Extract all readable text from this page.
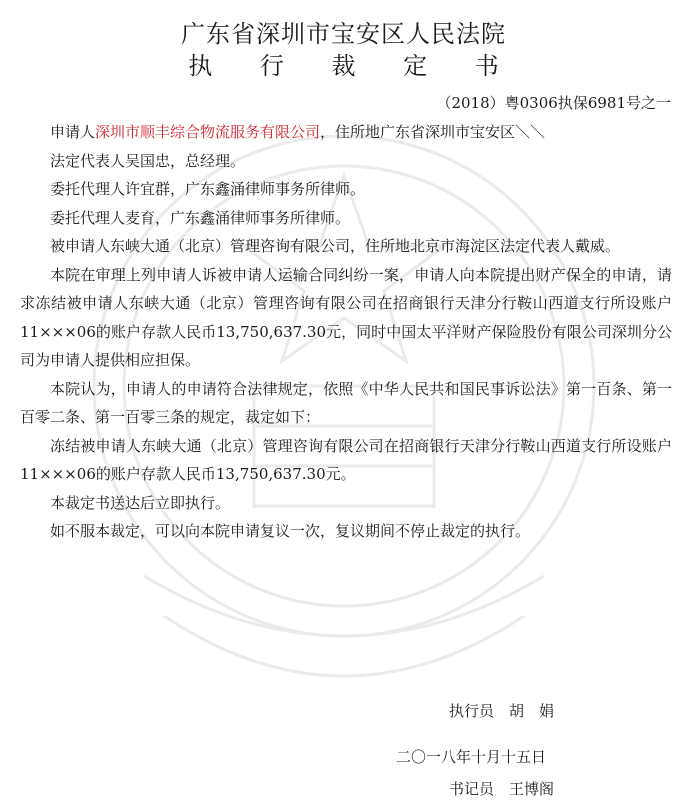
广东省深圳市宝安区人民法院
执 行 裁 定 书
（2018）粤0306执保6981号之一

申请人深圳市顺丰综合物流服务有限公司，住所地广东省深圳市宝安区＼＼

法定代表人吴国忠，总经理。

委托代理人许宜群，广东鑫涌律师事务所律师。

委托代理人麦育，广东鑫涌律师事务所律师。

被申请人东峡大通（北京）管理咨询有限公司，住所地北京市海淀区法定代表人戴威。

本院在审理上列申请人诉被申请人运输合同纠纷一案，申请人向本院提出财产保全的申请，请求冻结被申请人东峡大通（北京）管理咨询有限公司在招商银行天津分行鞍山西道支行所设账户11×××06的账户存款人民币13,750,637.30元，同时中国太平洋财产保险股份有限公司深圳分公司为申请人提供相应担保。

本院认为，申请人的申请符合法律规定，依照《中华人民共和国民事诉讼法》第一百条、第一百零二条、第一百零三条的规定，裁定如下：

冻结被申请人东峡大通（北京）管理咨询有限公司在招商银行天津分行鞍山西道支行所设账户11×××06的账户存款人民币13,750,637.30元。

本裁定书送达后立即执行。

如不服本裁定，可以向本院申请复议一次，复议期间不停止裁定的执行。

执行员　胡　娟
二〇一八年十月十五日
书记员　王博阁
